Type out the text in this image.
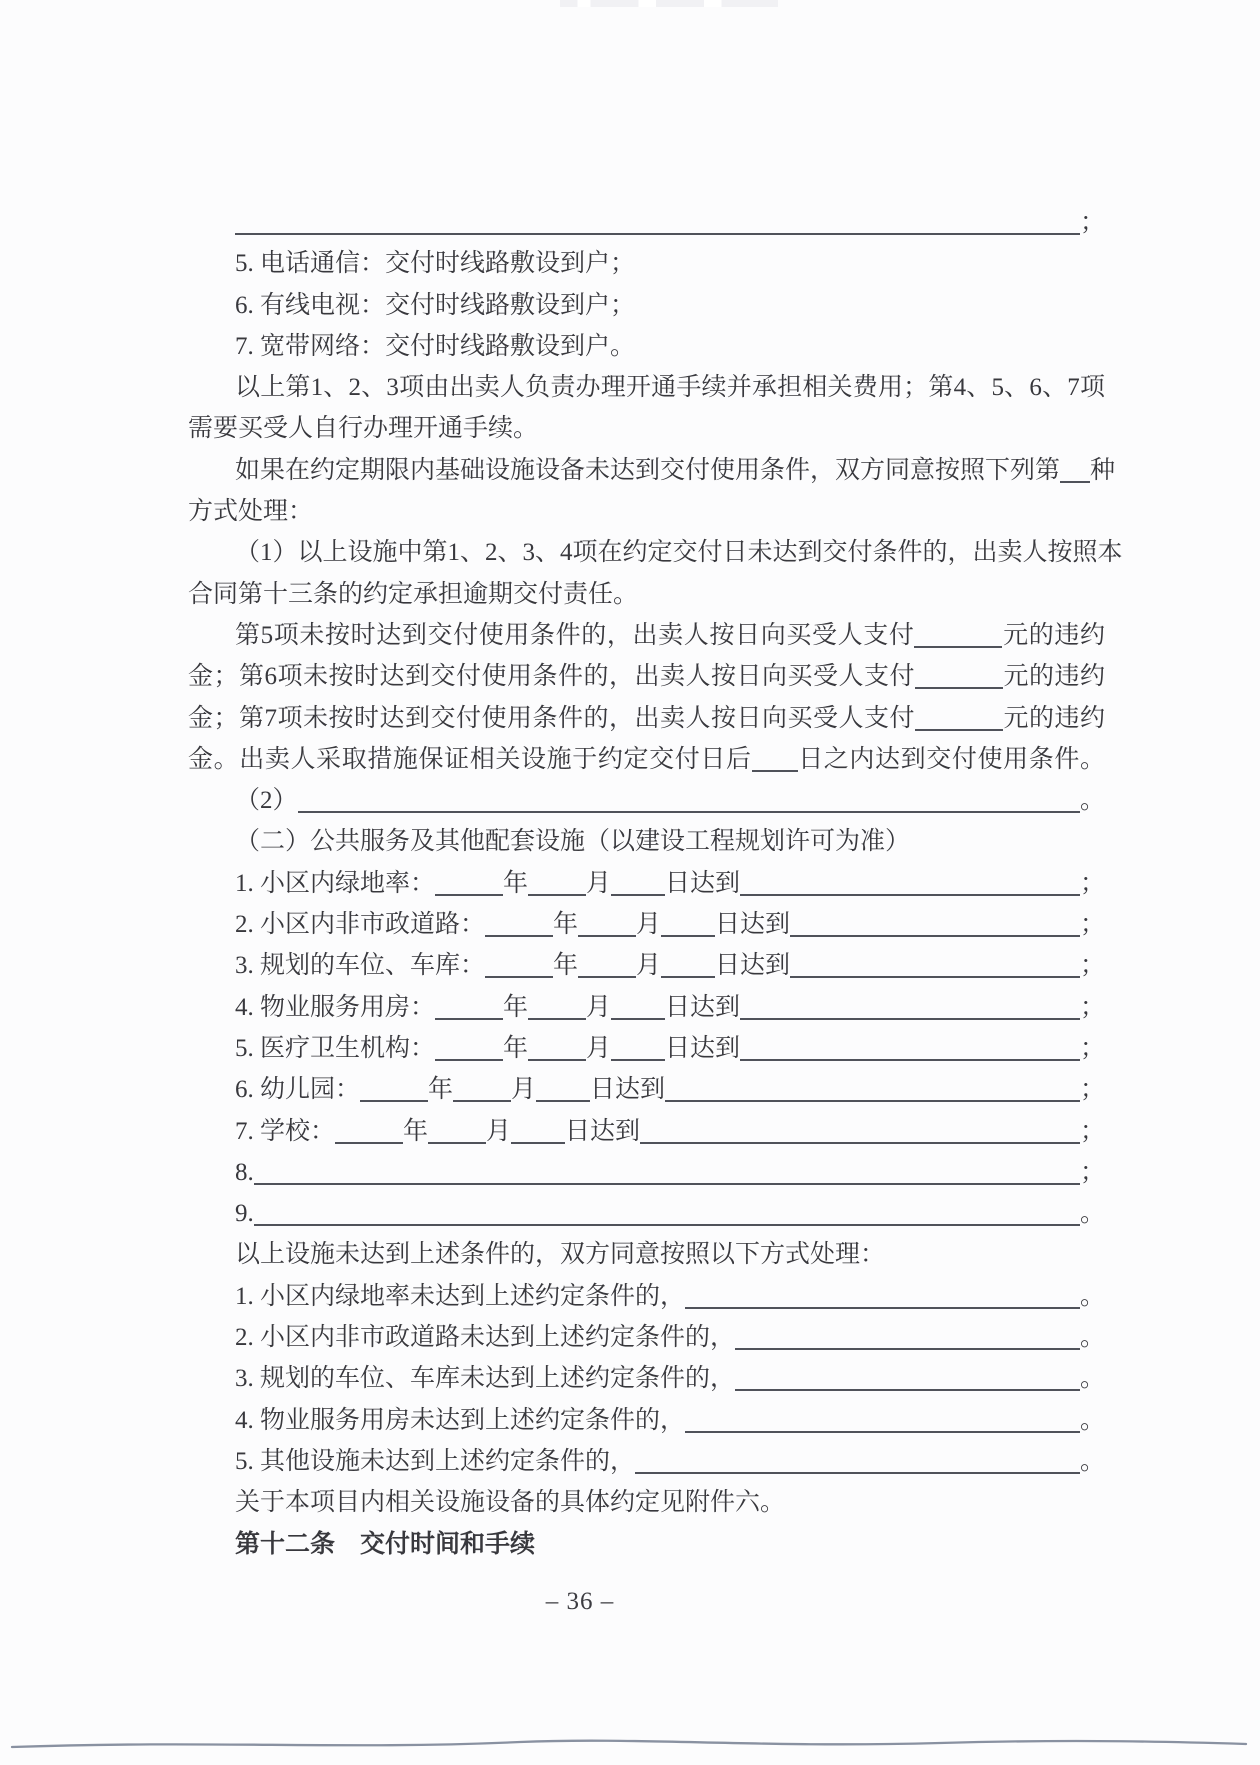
；
5. 电话通信：交付时线路敷设到户；
6. 有线电视：交付时线路敷设到户；
7. 宽带网络：交付时线路敷设到户。
以上第1、2、3项由出卖人负责办理开通手续并承担相关费用；第4、5、6、7项
需要买受人自行办理开通手续。
如果在约定期限内基础设施设备未达到交付使用条件，双方同意按照下列第 种
方式处理：
（1）以上设施中第1、2、3、4项在约定交付日未达到交付条件的，出卖人按照本
合同第十三条的约定承担逾期交付责任。
第5项未按时达到交付使用条件的，出卖人按日向买受人支付	元的违约
金；第6项未按时达到交付使用条件的，出卖人按日向买受人支付	元的违约
金；第7项未按时达到交付使用条件的，出卖人按日向买受人支付	元的违约
金。出卖人采取措施保证相关设施于约定交付日后 日之内达到交付使用条件。
（2）	。
（二）公共服务及其他配套设施（以建设工程规划许可为准）
1. 小区内绿地率：	年 月 日达到	；
2. 小区内非市政道路：	年 月 日达到	；
3. 规划的车位、车库：	年 月 日达到	；
4. 物业服务用房：	年 月 日达到	；
5. 医疗卫生机构：	年 月 日达到	；
6. 幼儿园：	年 月 日达到	；
7. 学校：	年 月 日达到	；
8.	；
9.	。
以上设施未达到上述条件的，双方同意按照以下方式处理：
1. 小区内绿地率未达到上述约定条件的，	。
2. 小区内非市政道路未达到上述约定条件的，	。
3. 规划的车位、车库未达到上述约定条件的，	。
4. 物业服务用房未达到上述约定条件的，	。
5. 其他设施未达到上述约定条件的，	。
关于本项目内相关设施设备的具体约定见附件六。
第十二条　交付时间和手续
– 36 –
